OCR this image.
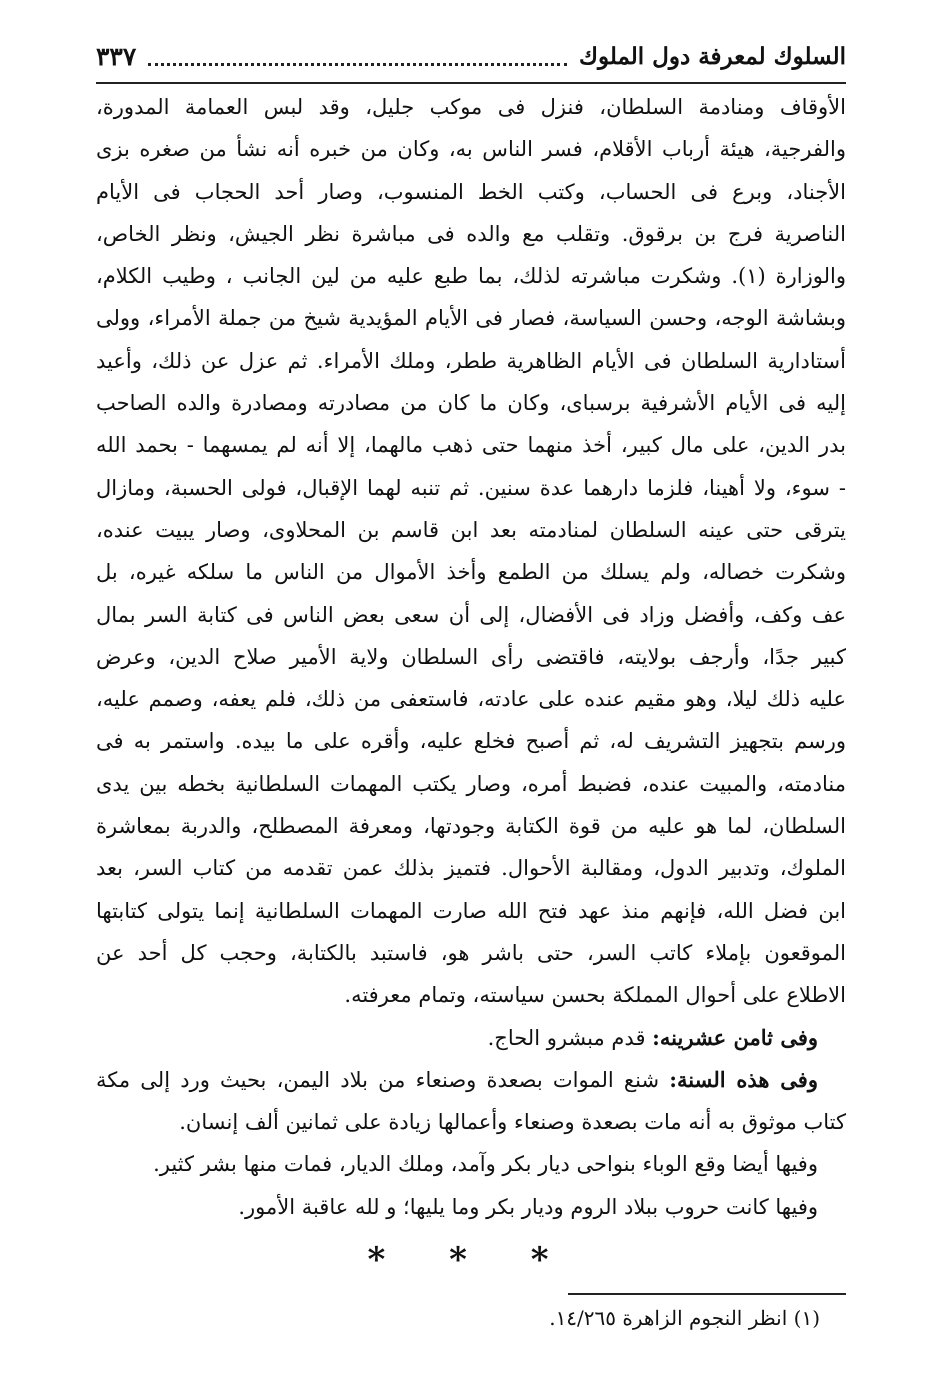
السلوك لمعرفة دول الملوك
٣٣٧
الأوقاف ومنادمة السلطان، فنزل فى موكب جليل، وقد لبس العمامة المدورة،
والفرجية، هيئة أرباب الأقلام، فسر الناس به، وكان من خبره أنه نشأ من صغره بزى
الأجناد، وبرع فى الحساب، وكتب الخط المنسوب، وصار أحد الحجاب فى الأيام
الناصرية فرج بن برقوق. وتقلب مع والده فى مباشرة نظر الجيش، ونظر الخاص،
والوزارة (١). وشكرت مباشرته لذلك، بما طبع عليه من لين الجانب ، وطيب الكلام،
وبشاشة الوجه، وحسن السياسة، فصار فى الأيام المؤيدية شيخ من جملة الأمراء، وولى
أستادارية السلطان فى الأيام الظاهرية ططر، وملك الأمراء. ثم عزل عن ذلك، وأعيد
إليه فى الأيام الأشرفية برسباى، وكان ما كان من مصادرته ومصادرة والده الصاحب
بدر الدين، على مال كبير، أخذ منهما حتى ذهب مالهما، إلا أنه لم يمسهما - بحمد الله
- سوء، ولا أهينا، فلزما دارهما عدة سنين. ثم تنبه لهما الإقبال، فولى الحسبة، ومازال
يترقى حتى عينه السلطان لمنادمته بعد ابن قاسم بن المحلاوى، وصار يبيت عنده،
وشكرت خصاله، ولم يسلك من الطمع وأخذ الأموال من الناس ما سلكه غيره، بل
عف وكف، وأفضل وزاد فى الأفضال، إلى أن سعى بعض الناس فى كتابة السر بمال
كبير جدًا، وأرجف بولايته، فاقتضى رأى السلطان ولاية الأمير صلاح الدين، وعرض
عليه ذلك ليلا، وهو مقيم عنده على عادته، فاستعفى من ذلك، فلم يعفه، وصمم عليه،
ورسم بتجهيز التشريف له، ثم أصبح فخلع عليه، وأقره على ما بيده. واستمر به فى
منادمته، والمبيت عنده، فضبط أمره، وصار يكتب المهمات السلطانية بخطه بين يدى
السلطان، لما هو عليه من قوة الكتابة وجودتها، ومعرفة المصطلح، والدربة بمعاشرة
الملوك، وتدبير الدول، ومقالبة الأحوال. فتميز بذلك عمن تقدمه من كتاب السر، بعد
ابن فضل الله، فإنهم منذ عهد فتح الله صارت المهمات السلطانية إنما يتولى كتابتها
الموقعون بإملاء كاتب السر، حتى باشر هو، فاستبد بالكتابة، وحجب كل أحد عن
الاطلاع على أحوال المملكة بحسن سياسته، وتمام معرفته.
وفى ثامن عشرينه: قدم مبشرو الحاج.
وفى هذه السنة: شنع الموات بصعدة وصنعاء من بلاد اليمن، بحيث ورد إلى مكة
كتاب موثوق به أنه مات بصعدة وصنعاء وأعمالها زيادة على ثمانين ألف إنسان.
وفيها أيضا وقع الوباء بنواحى ديار بكر وآمد، وملك الديار، فمات منها بشر كثير.
وفيها كانت حروب ببلاد الروم وديار بكر وما يليها؛ و لله عاقبة الأمور.
* * *
(١) انظر النجوم الزاهرة ١٤/٢٦٥.
